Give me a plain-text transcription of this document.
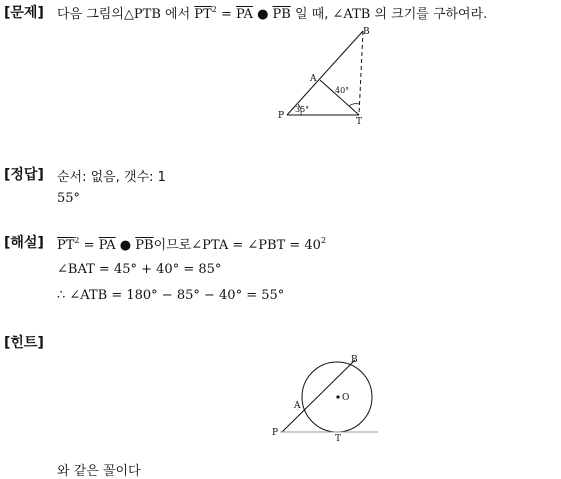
[문제] 다음 그림의△PTB 에서 $\overline{PT}^2 = \overline{PA}$ ● $\overline{PB}$ 일 때, ∠ATB 의 크기를 구하여라.
B
A
P
T
35°
40°
[정답] 순서: 없음, 갯수: 1
55°
[해설] $\overline{PT}^2 = \overline{PA}$ ● $\overline{PB}$이므로∠PTA = ∠PBT = $40^2$
∠BAT = 45° + 40° = 85°
∴ ∠ATB = 180° − 85° − 40° = 55°
[힌트]
B
A
P
T
O
와 같은 꼴이다
